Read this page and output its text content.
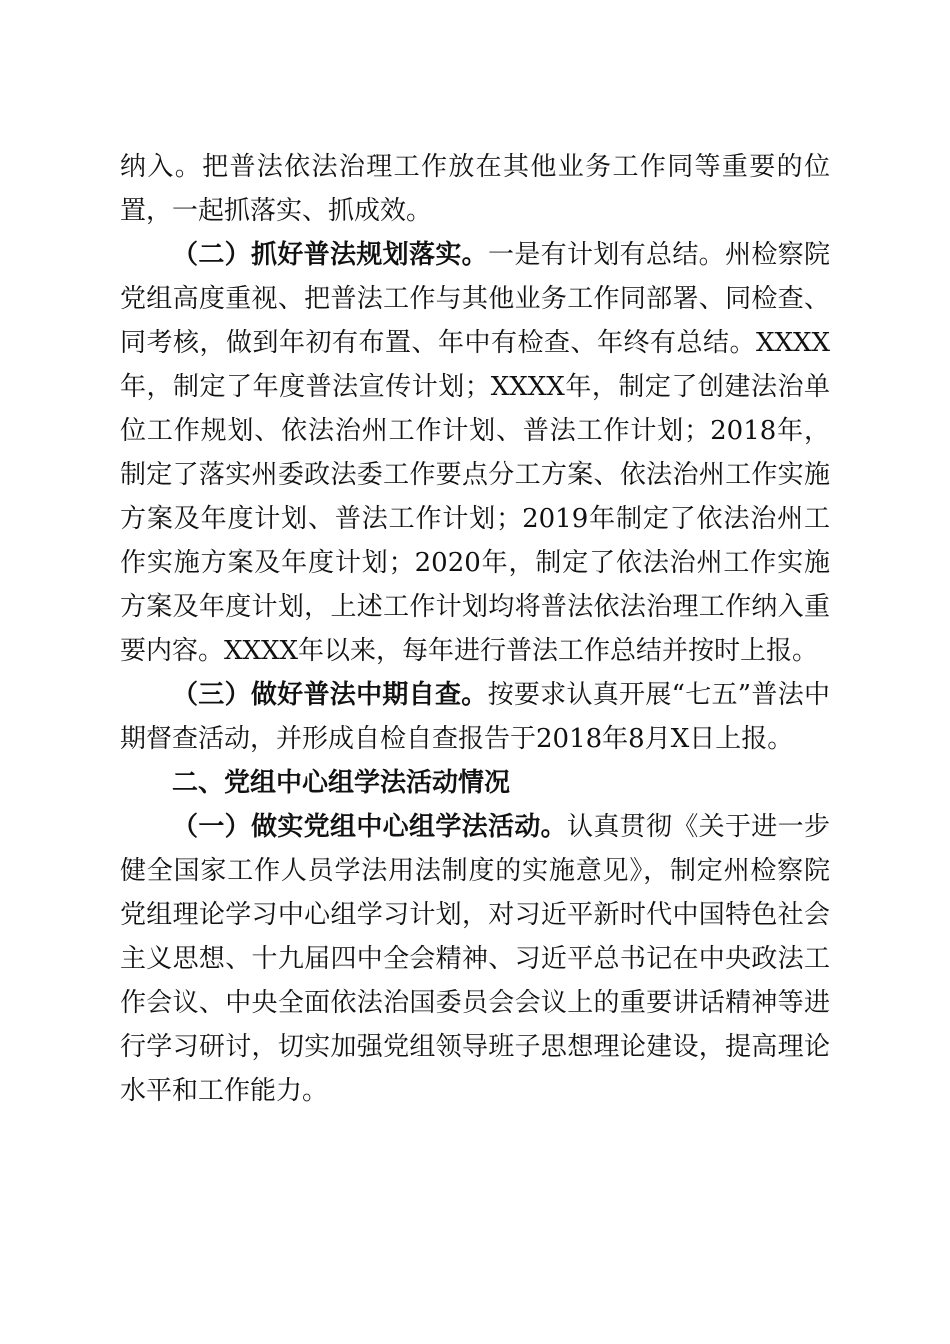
纳入。把普法依法治理工作放在其他业务工作同等重要的位置，一起抓落实、抓成效。

（二）抓好普法规划落实。一是有计划有总结。州检察院党组高度重视、把普法工作与其他业务工作同部署、同检查、同考核，做到年初有布置、年中有检查、年终有总结。XXXX年，制定了年度普法宣传计划；XXXX年，制定了创建法治单位工作规划、依法治州工作计划、普法工作计划；2018年，制定了落实州委政法委工作要点分工方案、依法治州工作实施方案及年度计划、普法工作计划；2019年制定了依法治州工作实施方案及年度计划；2020年，制定了依法治州工作实施方案及年度计划，上述工作计划均将普法依法治理工作纳入重要内容。XXXX年以来，每年进行普法工作总结并按时上报。

（三）做好普法中期自查。按要求认真开展“七五”普法中期督查活动，并形成自检自查报告于2018年8月X日上报。

二、党组中心组学法活动情况

（一）做实党组中心组学法活动。认真贯彻《关于进一步健全国家工作人员学法用法制度的实施意见》，制定州检察院党组理论学习中心组学习计划，对习近平新时代中国特色社会主义思想、十九届四中全会精神、习近平总书记在中央政法工作会议、中央全面依法治国委员会会议上的重要讲话精神等进行学习研讨，切实加强党组领导班子思想理论建设，提高理论水平和工作能力。
